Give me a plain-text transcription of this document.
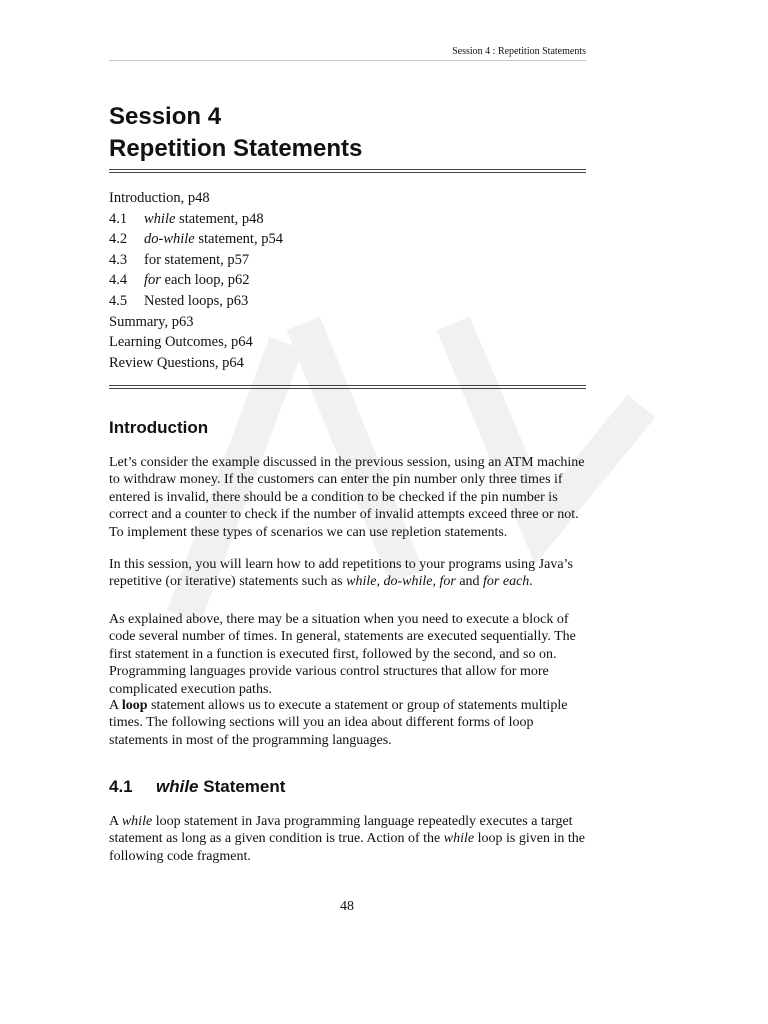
Session 4 : Repetition Statements
Session 4
Repetition Statements
Introduction, p48
4.1 while statement, p48
4.2 do-while statement, p54
4.3 for statement, p57
4.4 for each loop, p62
4.5 Nested loops, p63
Summary, p63
Learning Outcomes, p64
Review Questions, p64
Introduction
Let’s consider the example discussed in the previous session, using an ATM machine to withdraw money. If the customers can enter the pin number only three times if entered is invalid, there should be a condition to be checked if the pin number is correct and a counter to check if the number of invalid attempts exceed three or not. To implement these types of scenarios we can use repletion statements.
In this session, you will learn how to add repetitions to your programs using Java’s repetitive (or iterative) statements such as while, do-while, for and for each.
As explained above, there may be a situation when you need to execute a block of code several number of times. In general, statements are executed sequentially. The first statement in a function is executed first, followed by the second, and so on. Programming languages provide various control structures that allow for more complicated execution paths.
A loop statement allows us to execute a statement or group of statements multiple times. The following sections will you an idea about different forms of loop statements in most of the programming languages.
4.1 while Statement
A while loop statement in Java programming language repeatedly executes a target statement as long as a given condition is true. Action of the while loop is given in the following code fragment.
48
